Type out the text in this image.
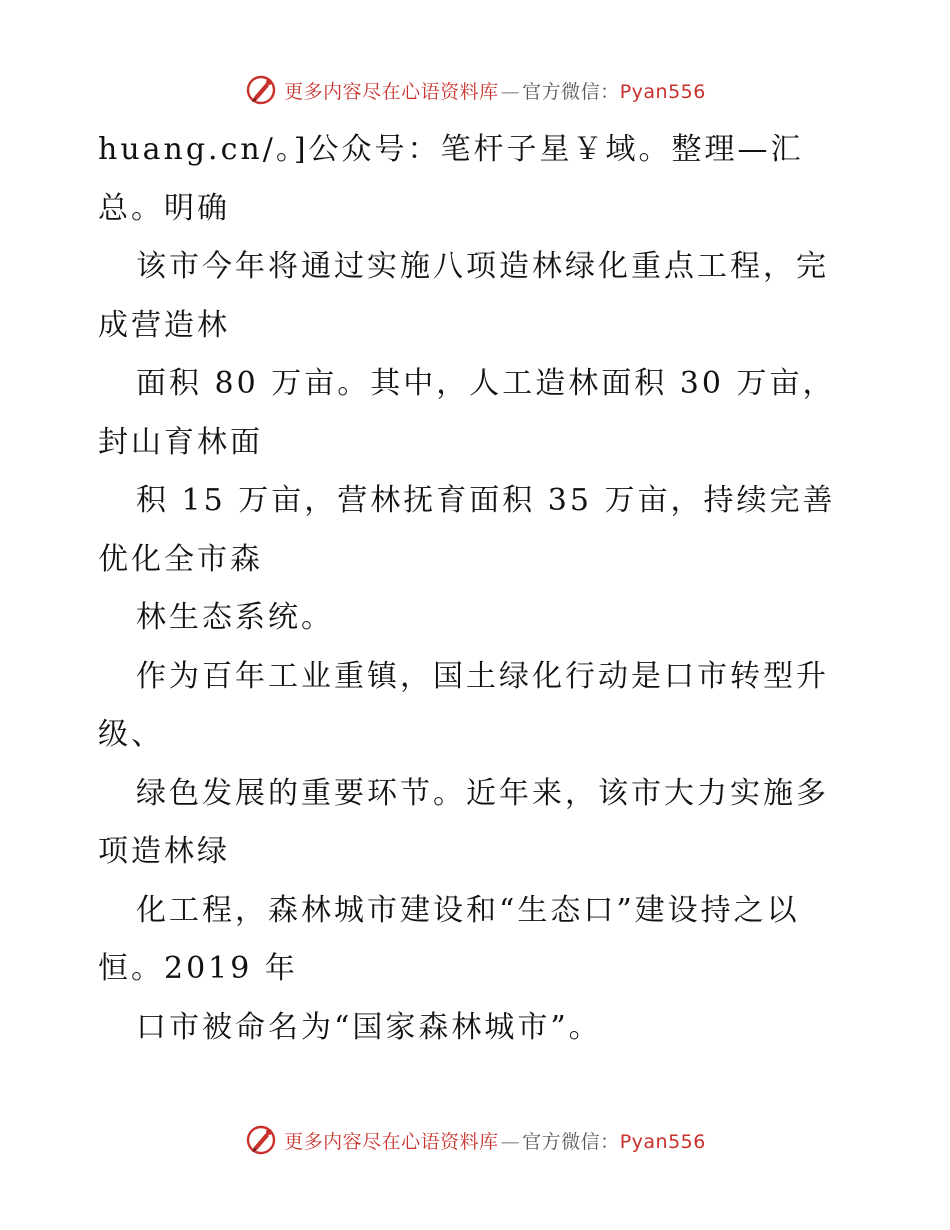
更多内容尽在心语资料库 — 官方微信：Pyan556
huang.cn/。]公众号：笔杆子星￥域。整理—汇
总。明确
该市今年将通过实施八项造林绿化重点工程，完
成营造林
面积 80 万亩。其中，人工造林面积 30 万亩，
封山育林面
积 15 万亩，营林抚育面积 35 万亩，持续完善
优化全市森
林生态系统。
作为百年工业重镇，国土绿化行动是口市转型升
级、
绿色发展的重要环节。近年来，该市大力实施多
项造林绿
化工程，森林城市建设和“生态口”建设持之以
恒。2019 年
口市被命名为“国家森林城市”。
更多内容尽在心语资料库 — 官方微信：Pyan556
